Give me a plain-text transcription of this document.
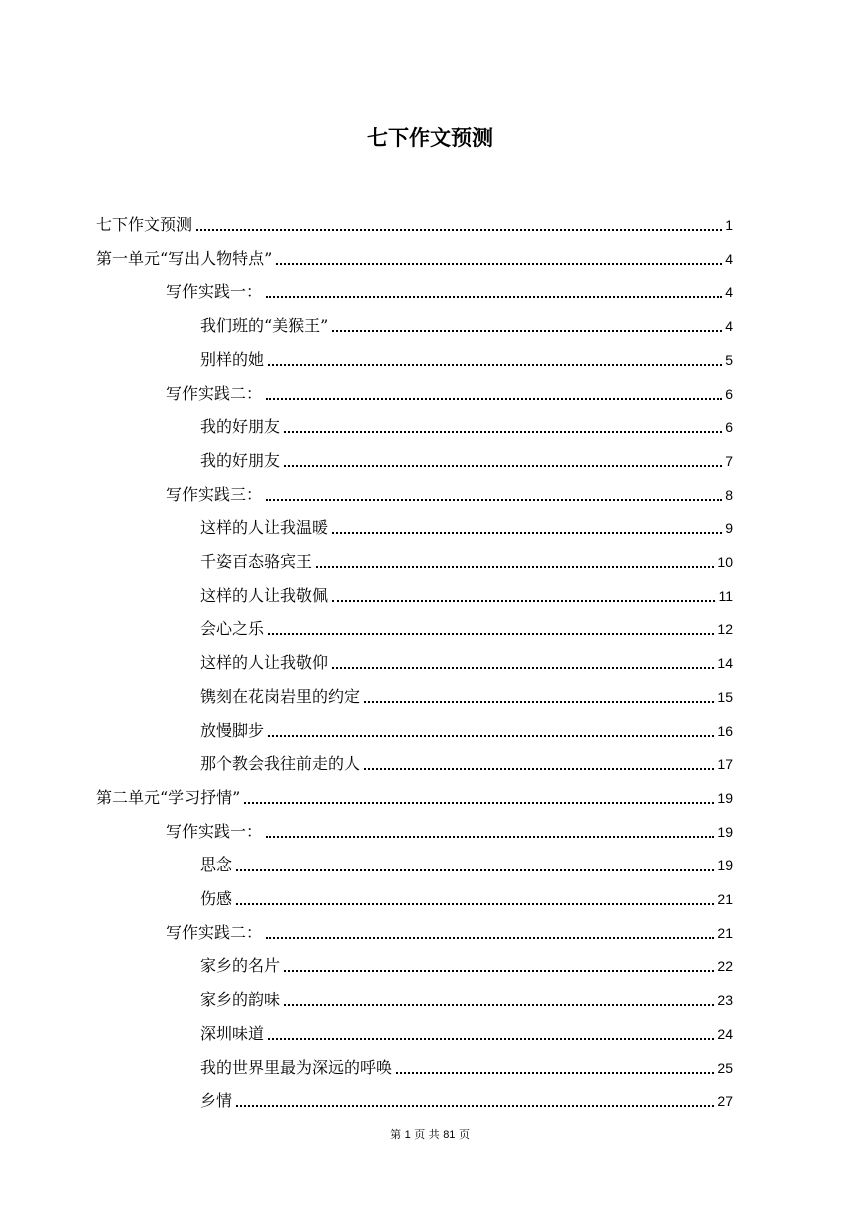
七下作文预测
七下作文预测	1
第一单元“写出人物特点”	4
写作实践一：	4
我们班的“美猴王”	4
别样的她	5
写作实践二：	6
我的好朋友	6
我的好朋友	7
写作实践三：	8
这样的人让我温暖	9
千姿百态骆宾王	10
这样的人让我敬佩	11
会心之乐	12
这样的人让我敬仰	14
镌刻在花岗岩里的约定	15
放慢脚步	16
那个教会我往前走的人	17
第二单元“学习抒情”	19
写作实践一：	19
思念	19
伤感	21
写作实践二：	21
家乡的名片	22
家乡的韵味	23
深圳味道	24
我的世界里最为深远的呼唤	25
乡情	27
第 1 页 共 81 页
